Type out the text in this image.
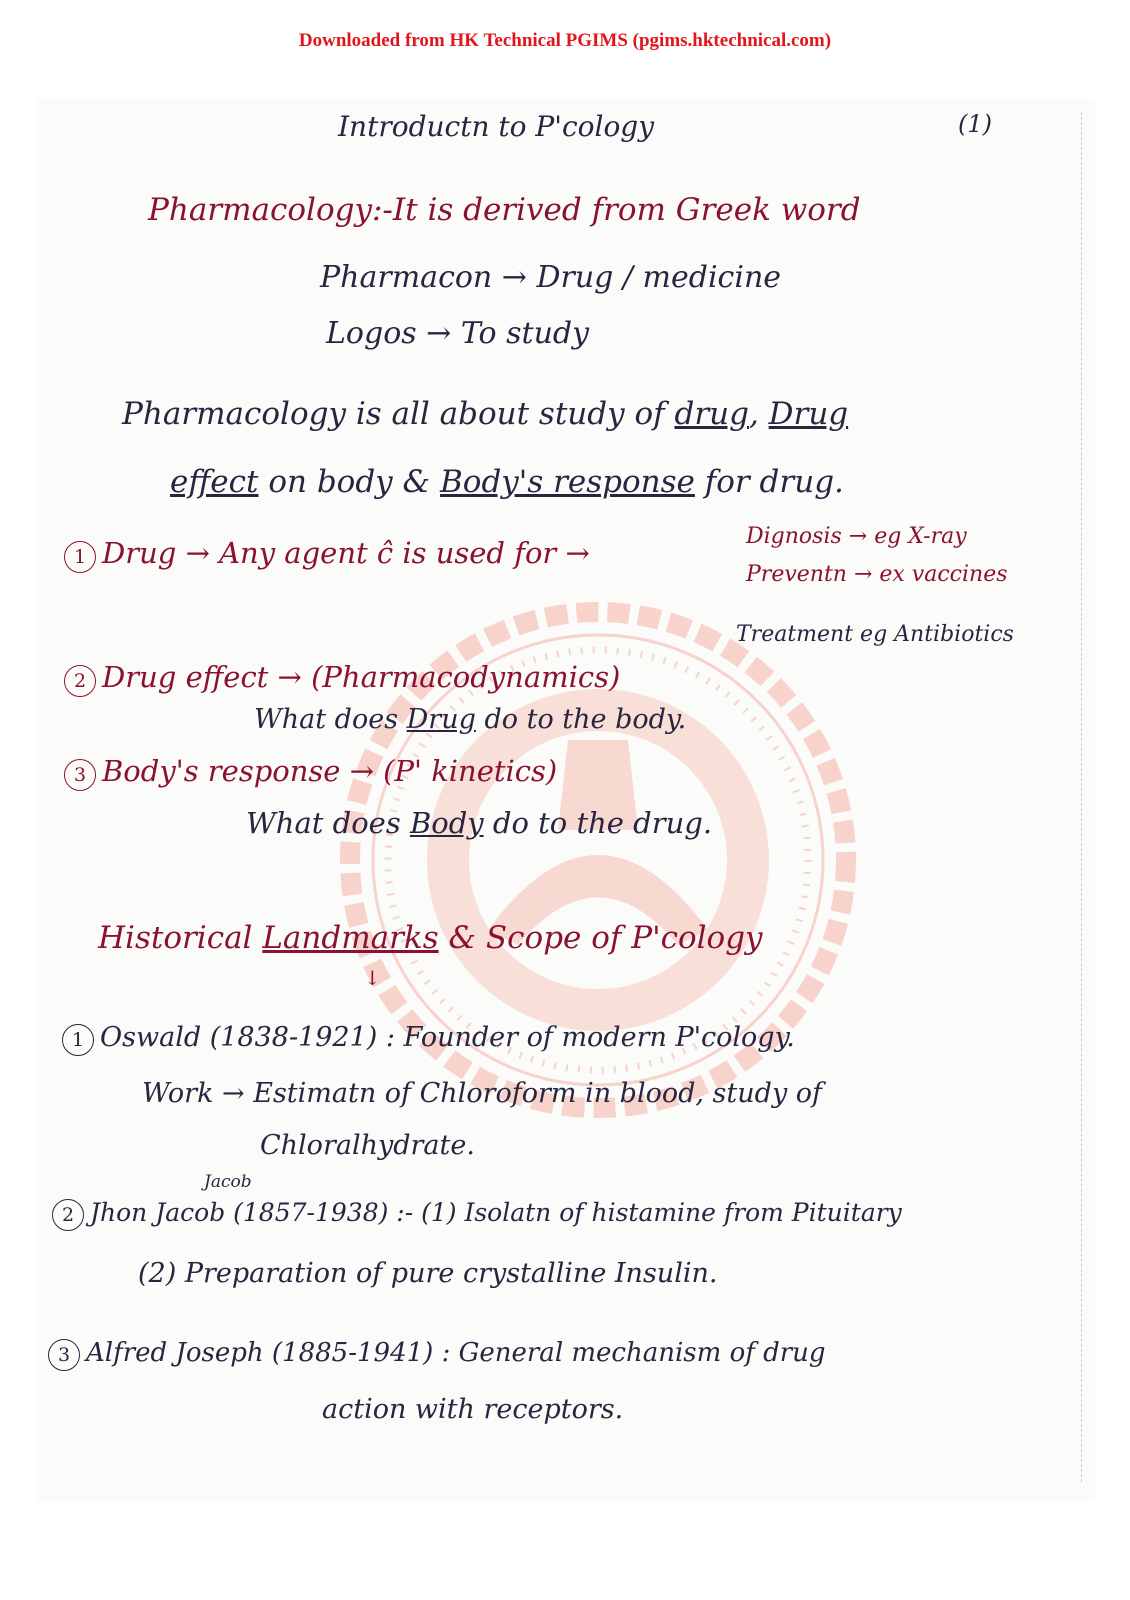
Downloaded from HK Technical PGIMS (pgims.hktechnical.com)
Introductn to P'cology	(1)
Pharmacology:-It is derived from Greek word
Pharmacon → Drug / medicine
Logos → To study
Pharmacology is all about study of drug, Drug
effect on body & Body's response for drug.
1 Drug → Any agent ĉ is used for →	Dignosis → eg X-ray
Preventn → ex vaccines
Treatment eg Antibiotics
2 Drug effect → (Pharmacodynamics)
What does Drug do to the body.
3 Body's response → (P' kinetics)
What does Body do to the drug.
Historical Landmarks & Scope of P'cology
↓
1 Oswald (1838-1921) : Founder of modern P'cology.
Work → Estimatn of Chloroform in blood, study of
Chloralhydrate.
Jacob
2 Jhon Jacob (1857-1938) :- (1) Isolatn of histamine from Pituitary
(2) Preparation of pure crystalline Insulin.
3 Alfred Joseph (1885-1941) : General mechanism of drug
action with receptors.
